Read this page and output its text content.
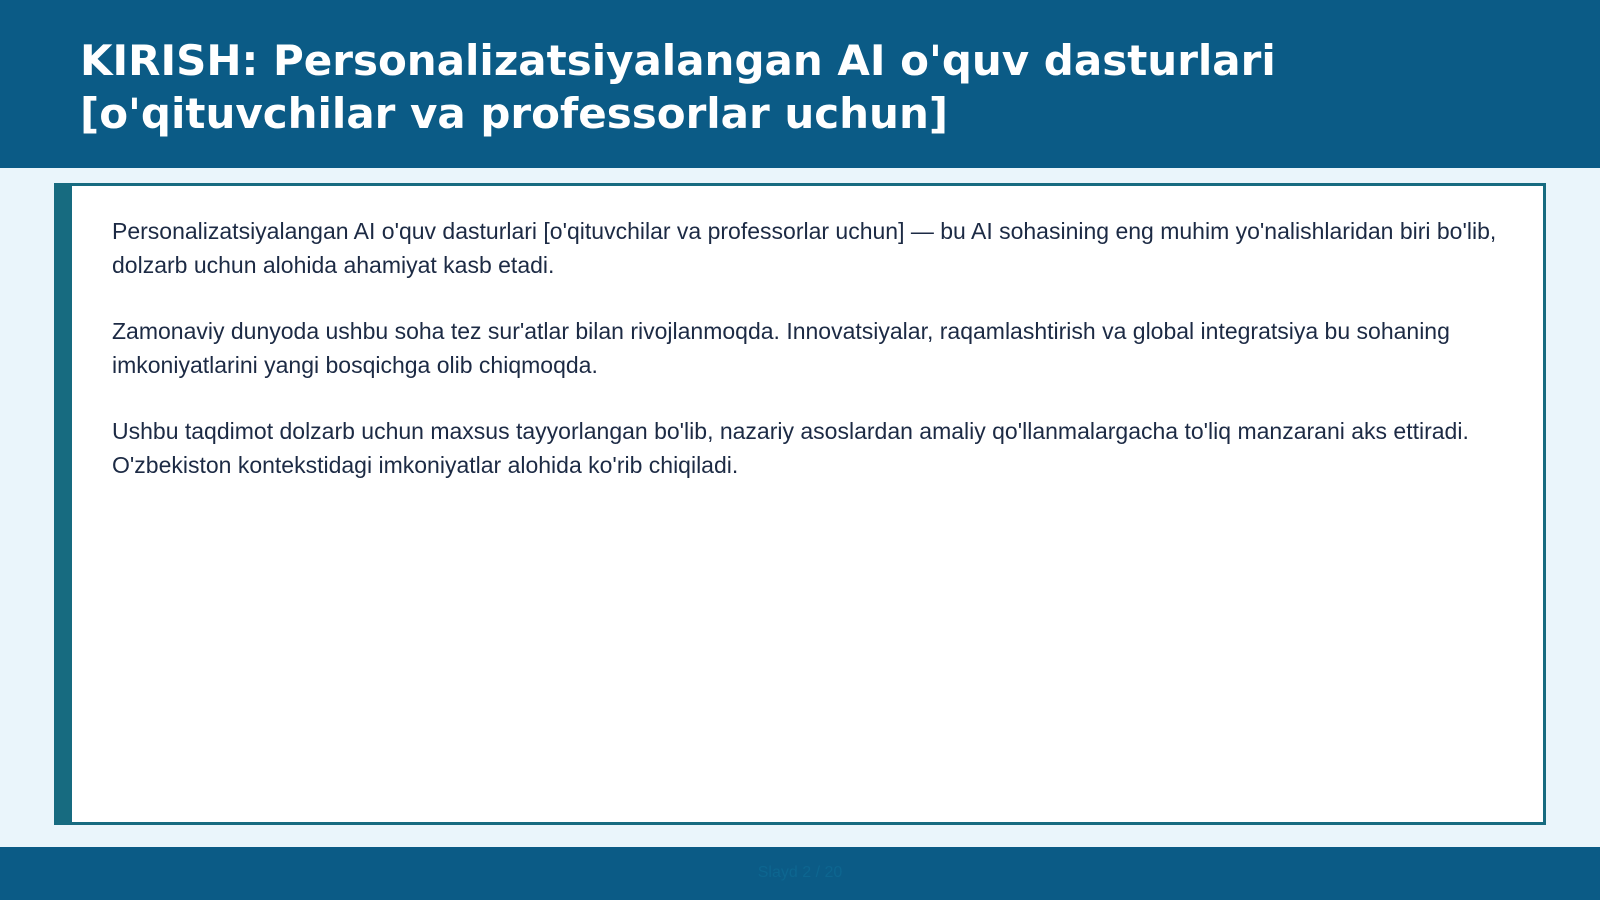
KIRISH: Personalizatsiyalangan AI o'quv dasturlari [o'qituvchilar va professorlar uchun]

Personalizatsiyalangan AI o'quv dasturlari [o'qituvchilar va professorlar uchun] — bu AI sohasining eng muhim yo'nalishlaridan biri bo'lib, dolzarb uchun alohida ahamiyat kasb etadi.

Zamonaviy dunyoda ushbu soha tez sur'atlar bilan rivojlanmoqda. Innovatsiyalar, raqamlashtirish va global integratsiya bu sohaning imkoniyatlarini yangi bosqichga olib chiqmoqda.

Ushbu taqdimot dolzarb uchun maxsus tayyorlangan bo'lib, nazariy asoslardan amaliy qo'llanmalargacha to'liq manzarani aks ettiradi. O'zbekiston kontekstidagi imkoniyatlar alohida ko'rib chiqiladi.

Slayd 2 / 20
